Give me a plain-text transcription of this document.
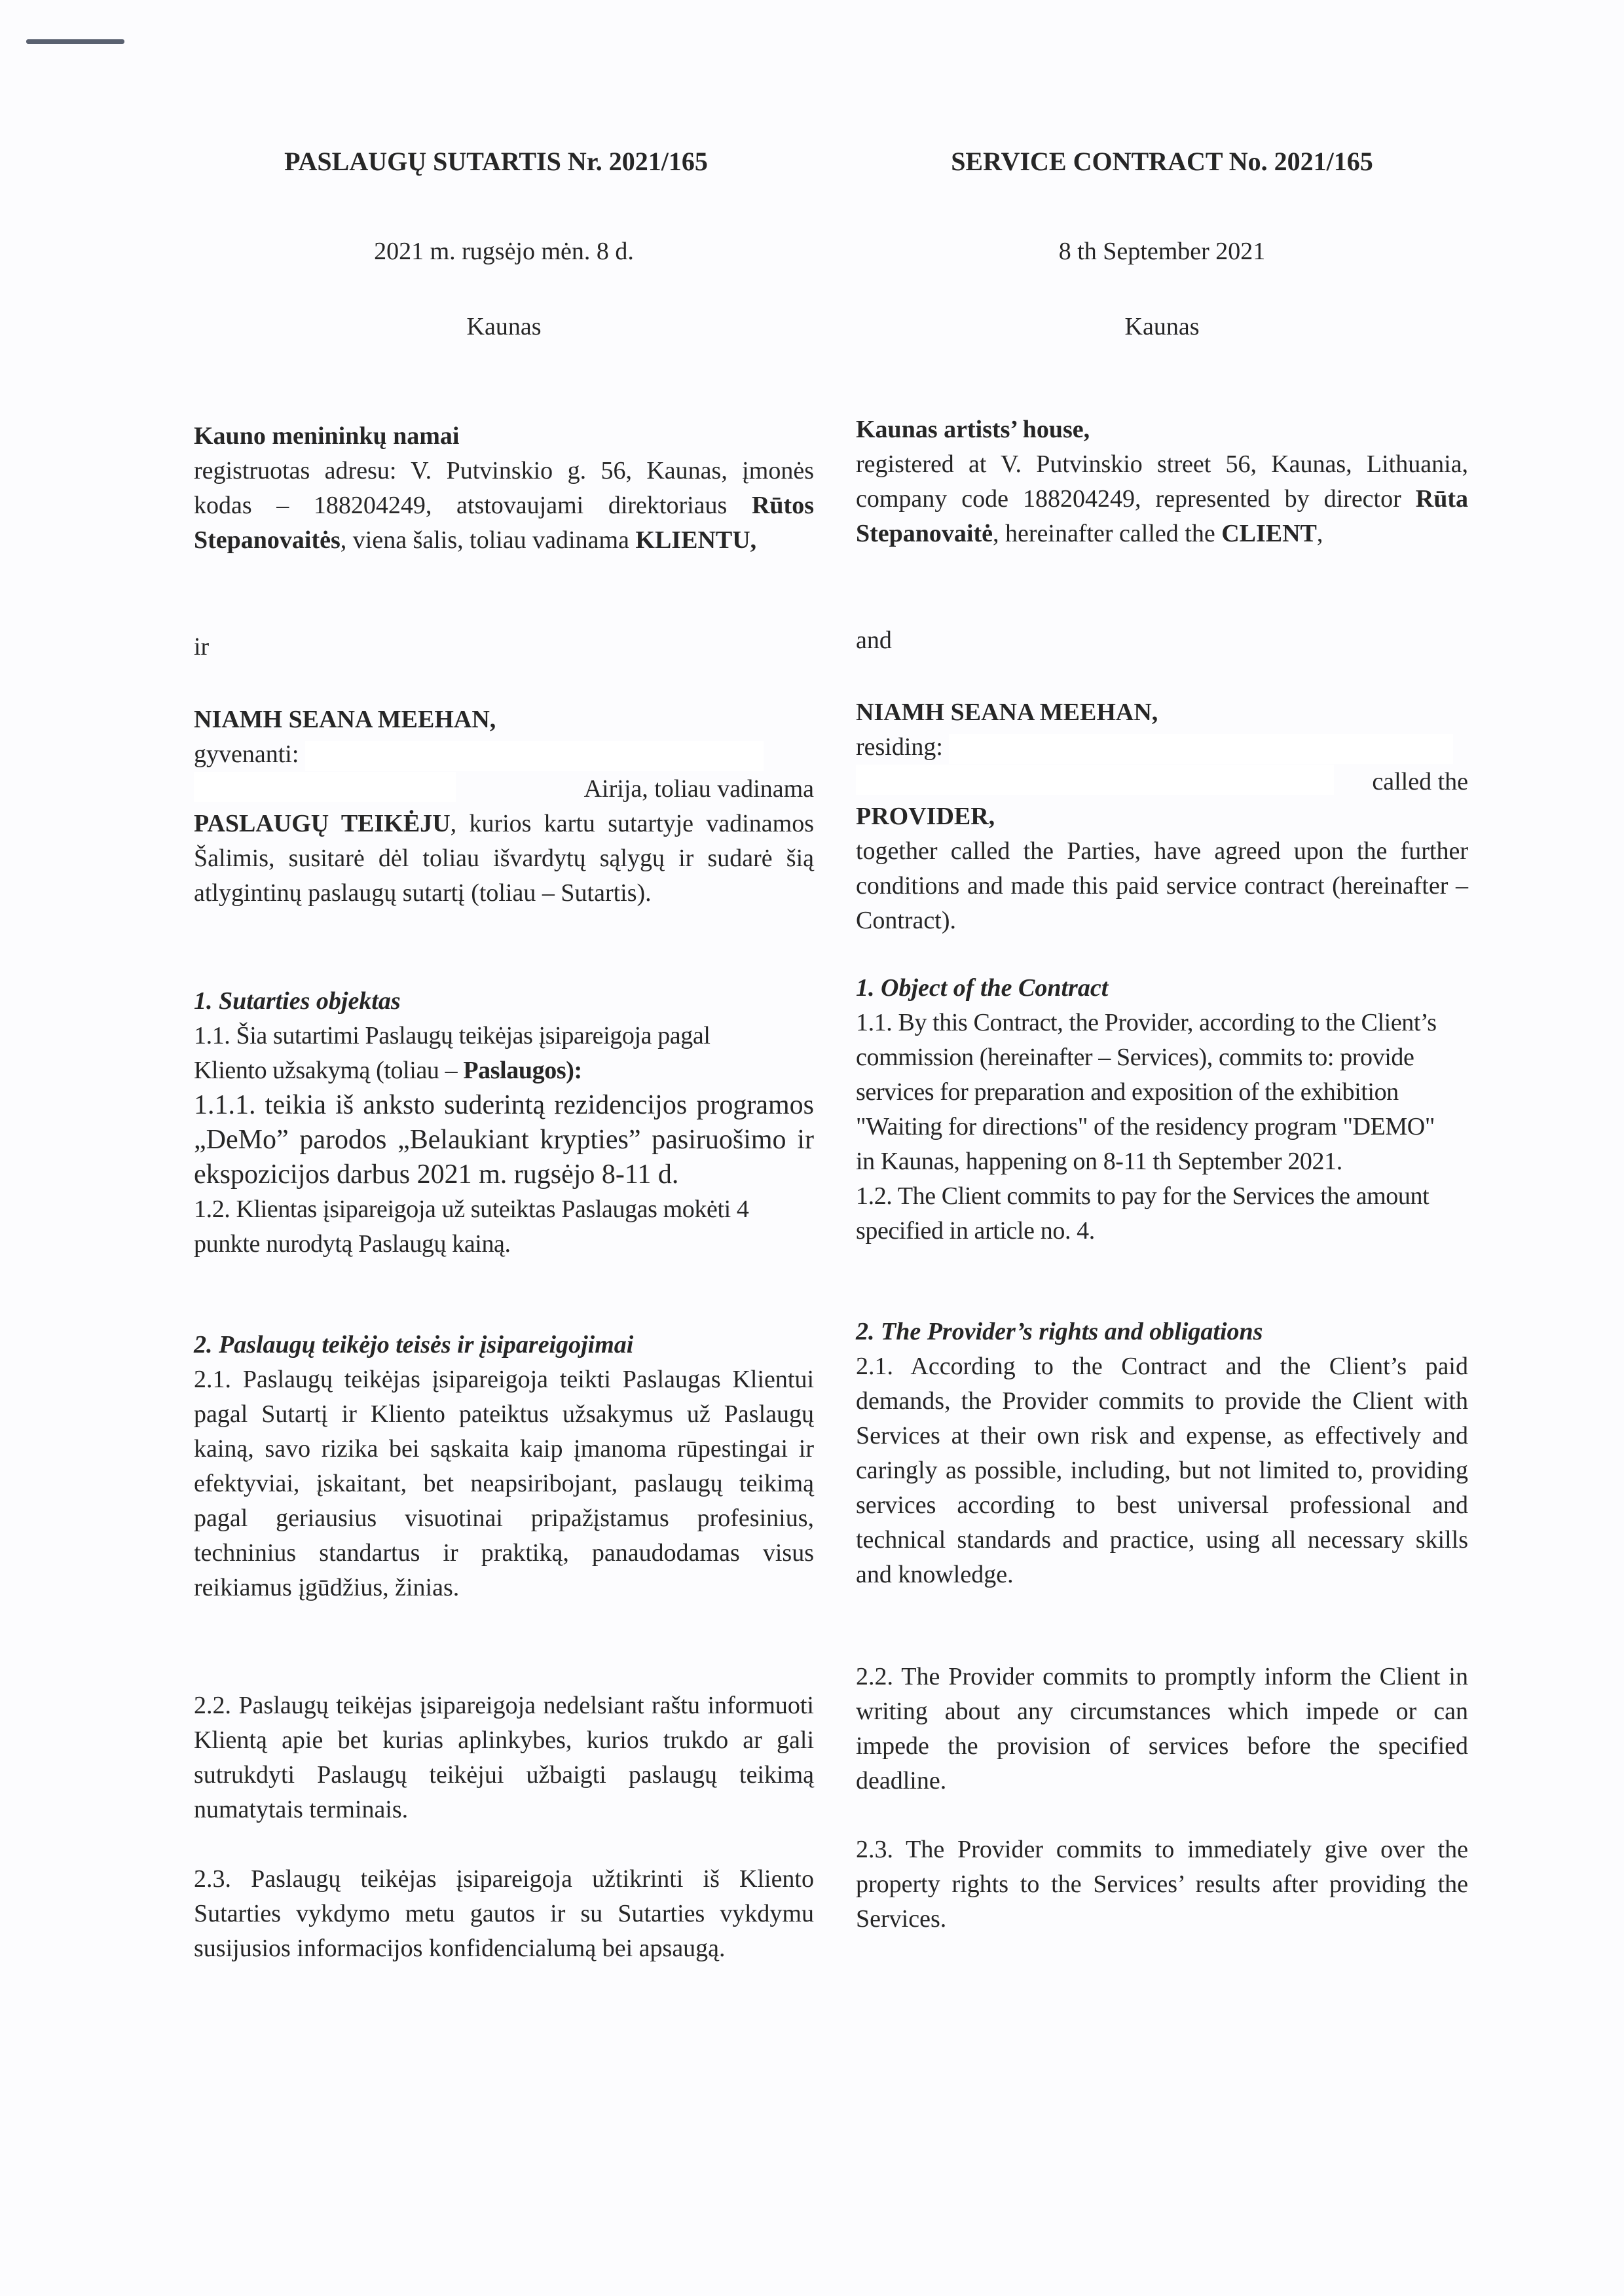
PASLAUGŲ SUTARTIS Nr. 2021/165
2021 m. rugsėjo mėn. 8 d.
Kaunas

Kauno menininkų namai

registruotas adresu: V. Putvinskio g. 56, Kaunas, įmonės kodas – 188204249, atstovaujami direktoriaus Rūtos Stepanovaitės, viena šalis, toliau vadinama KLIENTU,

ir

NIAMH SEANA MEEHAN,

gyvenanti:

Airija, toliau vadinama

PASLAUGŲ TEIKĖJU, kurios kartu sutartyje vadinamos Šalimis, susitarė dėl toliau išvardytų sąlygų ir sudarė šią atlygintinų paslaugų sutartį (toliau – Sutartis).

1. Sutarties objektas

1.1. Šia sutartimi Paslaugų teikėjas įsipareigoja pagal Kliento užsakymą (toliau – Paslaugos):

1.1.1. teikia iš anksto suderintą rezidencijos programos „DeMo” parodos „Belaukiant krypties” pasiruošimo ir ekspozicijos darbus 2021 m. rugsėjo 8-11 d.

1.2. Klientas įsipareigoja už suteiktas Paslaugas mokėti 4 punkte nurodytą Paslaugų kainą.

2. Paslaugų teikėjo teisės ir įsipareigojimai

2.1. Paslaugų teikėjas įsipareigoja teikti Paslaugas Klientui pagal Sutartį ir Kliento pateiktus užsakymus už Paslaugų kainą, savo rizika bei sąskaita kaip įmanoma rūpestingai ir efektyviai, įskaitant, bet neapsiribojant, paslaugų teikimą pagal geriausius visuotinai pripažįstamus profesinius, techninius standartus ir praktiką, panaudodamas visus reikiamus įgūdžius, žinias.

2.2. Paslaugų teikėjas įsipareigoja nedelsiant raštu informuoti Klientą apie bet kurias aplinkybes, kurios trukdo ar gali sutrukdyti Paslaugų teikėjui užbaigti paslaugų teikimą numatytais terminais.
2.3. Paslaugų teikėjas įsipareigoja užtikrinti iš Kliento Sutarties vykdymo metu gautos ir su Sutarties vykdymu susijusios informacijos konfidencialumą bei apsaugą.
SERVICE CONTRACT No. 2021/165
8 th September 2021
Kaunas

Kaunas artists’ house,

registered at V. Putvinskio street 56, Kaunas, Lithuania, company code 188204249, represented by director Rūta Stepanovaitė, hereinafter called the CLIENT,

and

NIAMH SEANA MEEHAN,

residing:

called the

PROVIDER,

together called the Parties, have agreed upon the further conditions and made this paid service contract (hereinafter – Contract).

1. Object of the Contract

1.1. By this Contract, the Provider, according to the Client’s commission (hereinafter – Services), commits to: provide services for preparation and exposition of the exhibition "Waiting for directions" of the residency program "DEMO" in Kaunas, happening on 8-11 th September 2021.

1.2. The Client commits to pay for the Services the amount specified in article no. 4.

2. The Provider’s rights and obligations

2.1. According to the Contract and the Client’s paid demands, the Provider commits to provide the Client with Services at their own risk and expense, as effectively and caringly as possible, including, but not limited to, providing services according to best universal professional and technical standards and practice, using all necessary skills and knowledge.

2.2. The Provider commits to promptly inform the Client in writing about any circumstances which impede or can impede the provision of services before the specified deadline.
2.3. The Provider commits to immediately give over the property rights to the Services’ results after providing the Services.
